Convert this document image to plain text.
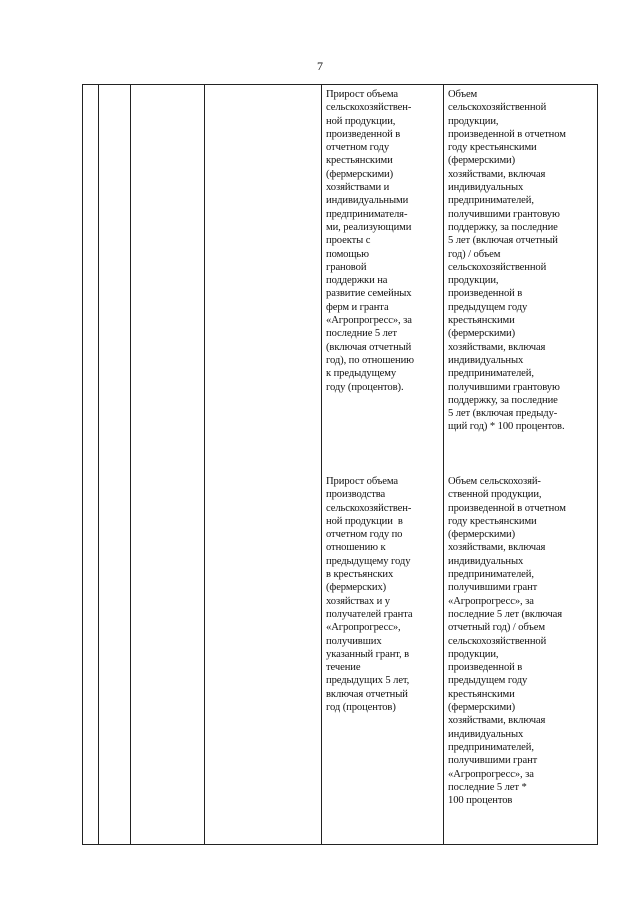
7
Прирост объема
сельскохозяйствен-
ной продукции,
произведенной в
отчетном году
крестьянскими
(фермерскими)
хозяйствами и
индивидуальными
предпринимателя-
ми, реализующими
проекты с
помощью
грановой
поддержки на
развитие семейных
ферм и гранта
«Агропрогресс», за
последние 5 лет
(включая отчетный
год), по отношению
к предыдущему
году (процентов).
Объем
сельскохозяйственной
продукции,
произведенной в отчетном
году крестьянскими
(фермерскими)
хозяйствами, включая
индивидуальных
предпринимателей,
получившими грантовую
поддержку, за последние
5 лет (включая отчетный
год) / объем
сельскохозяйственной
продукции,
произведенной в
предыдущем году
крестьянскими
(фермерскими)
хозяйствами, включая
индивидуальных
предпринимателей,
получившими грантовую
поддержку, за последние
5 лет (включая предыду-
щий год) * 100 процентов.
Прирост объема
производства
сельскохозяйствен-
ной продукции  в
отчетном году по
отношению к
предыдущему году
в крестьянских
(фермерских)
хозяйствах и у
получателей гранта
«Агропрогресс»,
получивших
указанный грант, в
течение
предыдущих 5 лет,
включая отчетный
год (процентов)
Объем сельскохозяй-
ственной продукции,
произведенной в отчетном
году крестьянскими
(фермерскими)
хозяйствами, включая
индивидуальных
предпринимателей,
получившими грант
«Агропрогресс», за
последние 5 лет (включая
отчетный год) / объем
сельскохозяйственной
продукции,
произведенной в
предыдущем году
крестьянскими
(фермерскими)
хозяйствами, включая
индивидуальных
предпринимателей,
получившими грант
«Агропрогресс», за
последние 5 лет *
100 процентов
